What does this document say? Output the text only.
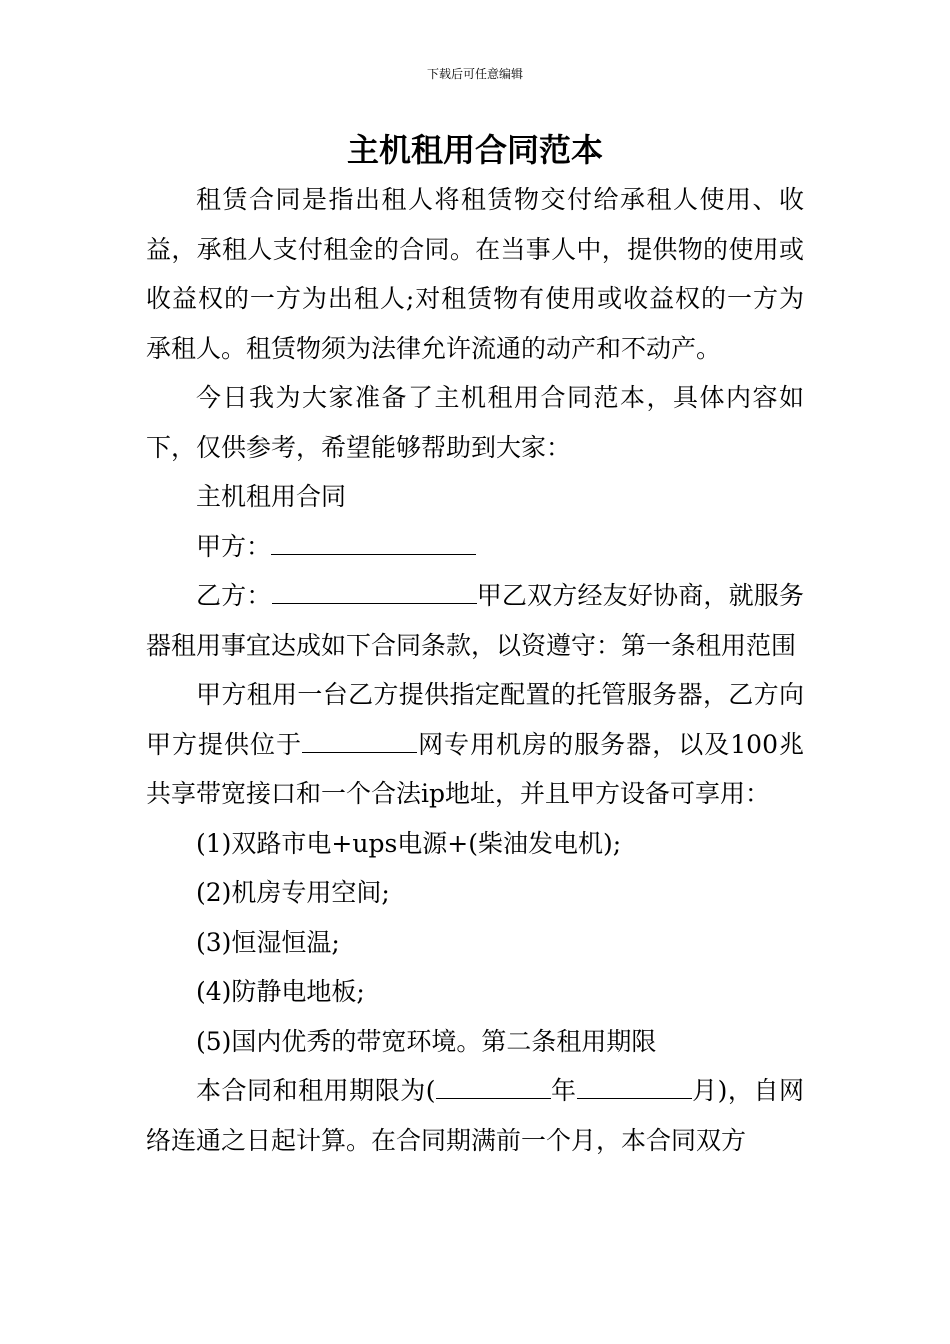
下载后可任意编辑
主机租用合同范本

租赁合同是指出租人将租赁物交付给承租人使用、收益，承租人支付租金的合同。在当事人中，提供物的使用或收益权的一方为出租人;对租赁物有使用或收益权的一方为承租人。租赁物须为法律允许流通的动产和不动产。

今日我为大家准备了主机租用合同范本，具体内容如下，仅供参考，希望能够帮助到大家：

主机租用合同

甲方：

乙方：	甲乙双方经友好协商，就服务器租用事宜达成如下合同条款，以资遵守：第一条租用范围

甲方租用一台乙方提供指定配置的托管服务器，乙方向甲方提供位于	网专用机房的服务器，以及100兆共享带宽接口和一个合法ip地址，并且甲方设备可享用：

(1)双路市电+ups电源+(柴油发电机);

(2)机房专用空间;

(3)恒湿恒温;

(4)防静电地板;

(5)国内优秀的带宽环境。第二条租用期限

本合同和租用期限为(	年	月)，自网络连通之日起计算。在合同期满前一个月，本合同双方
